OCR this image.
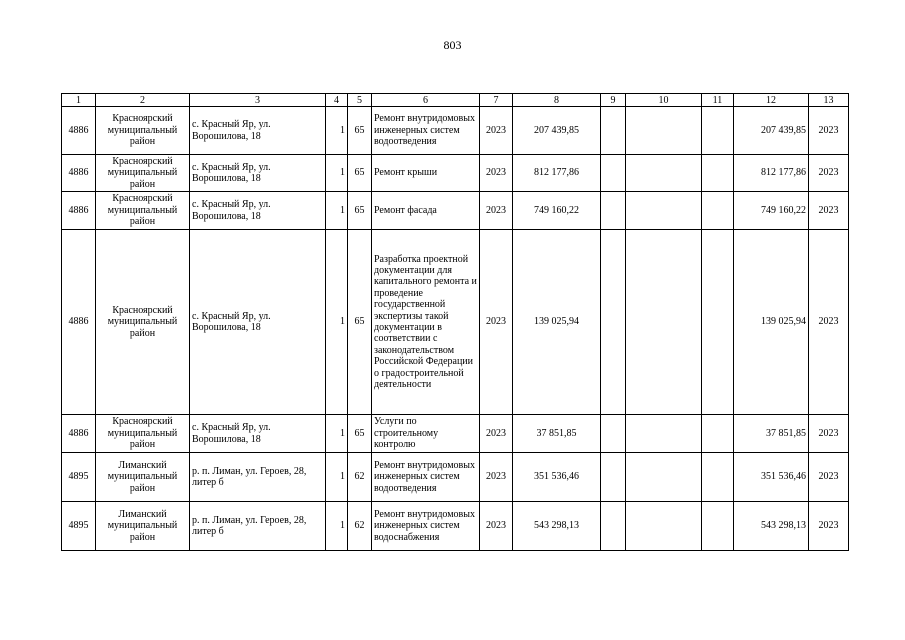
803
1	2	3	4	5	6	7	8	9	10	11	12	13
4886	Красноярский муниципальный район	с. Красный Яр, ул. Ворошилова, 18	1	65	Ремонт внутридомовых инженерных систем водоотведения	2023	207 439,85				207 439,85	2023
4886	Красноярский муниципальный район	с. Красный Яр, ул. Ворошилова, 18	1	65	Ремонт крыши	2023	812 177,86				812 177,86	2023
4886	Красноярский муниципальный район	с. Красный Яр, ул. Ворошилова, 18	1	65	Ремонт фасада	2023	749 160,22				749 160,22	2023
4886	Красноярский муниципальный район	с. Красный Яр, ул. Ворошилова, 18	1	65	Разработка проектной документации для капитального ремонта и проведение государственной экспертизы такой документации в соответствии с законодательством Российской Федерации о градостроительной деятельности	2023	139 025,94				139 025,94	2023
4886	Красноярский муниципальный район	с. Красный Яр, ул. Ворошилова, 18	1	65	Услуги по строительному контролю	2023	37 851,85				37 851,85	2023
4895	Лиманский муниципальный район	р. п. Лиман, ул. Героев, 28, литер б	1	62	Ремонт внутридомовых инженерных систем водоотведения	2023	351 536,46				351 536,46	2023
4895	Лиманский муниципальный район	р. п. Лиман, ул. Героев, 28, литер б	1	62	Ремонт внутридомовых инженерных систем водоснабжения	2023	543 298,13				543 298,13	2023
